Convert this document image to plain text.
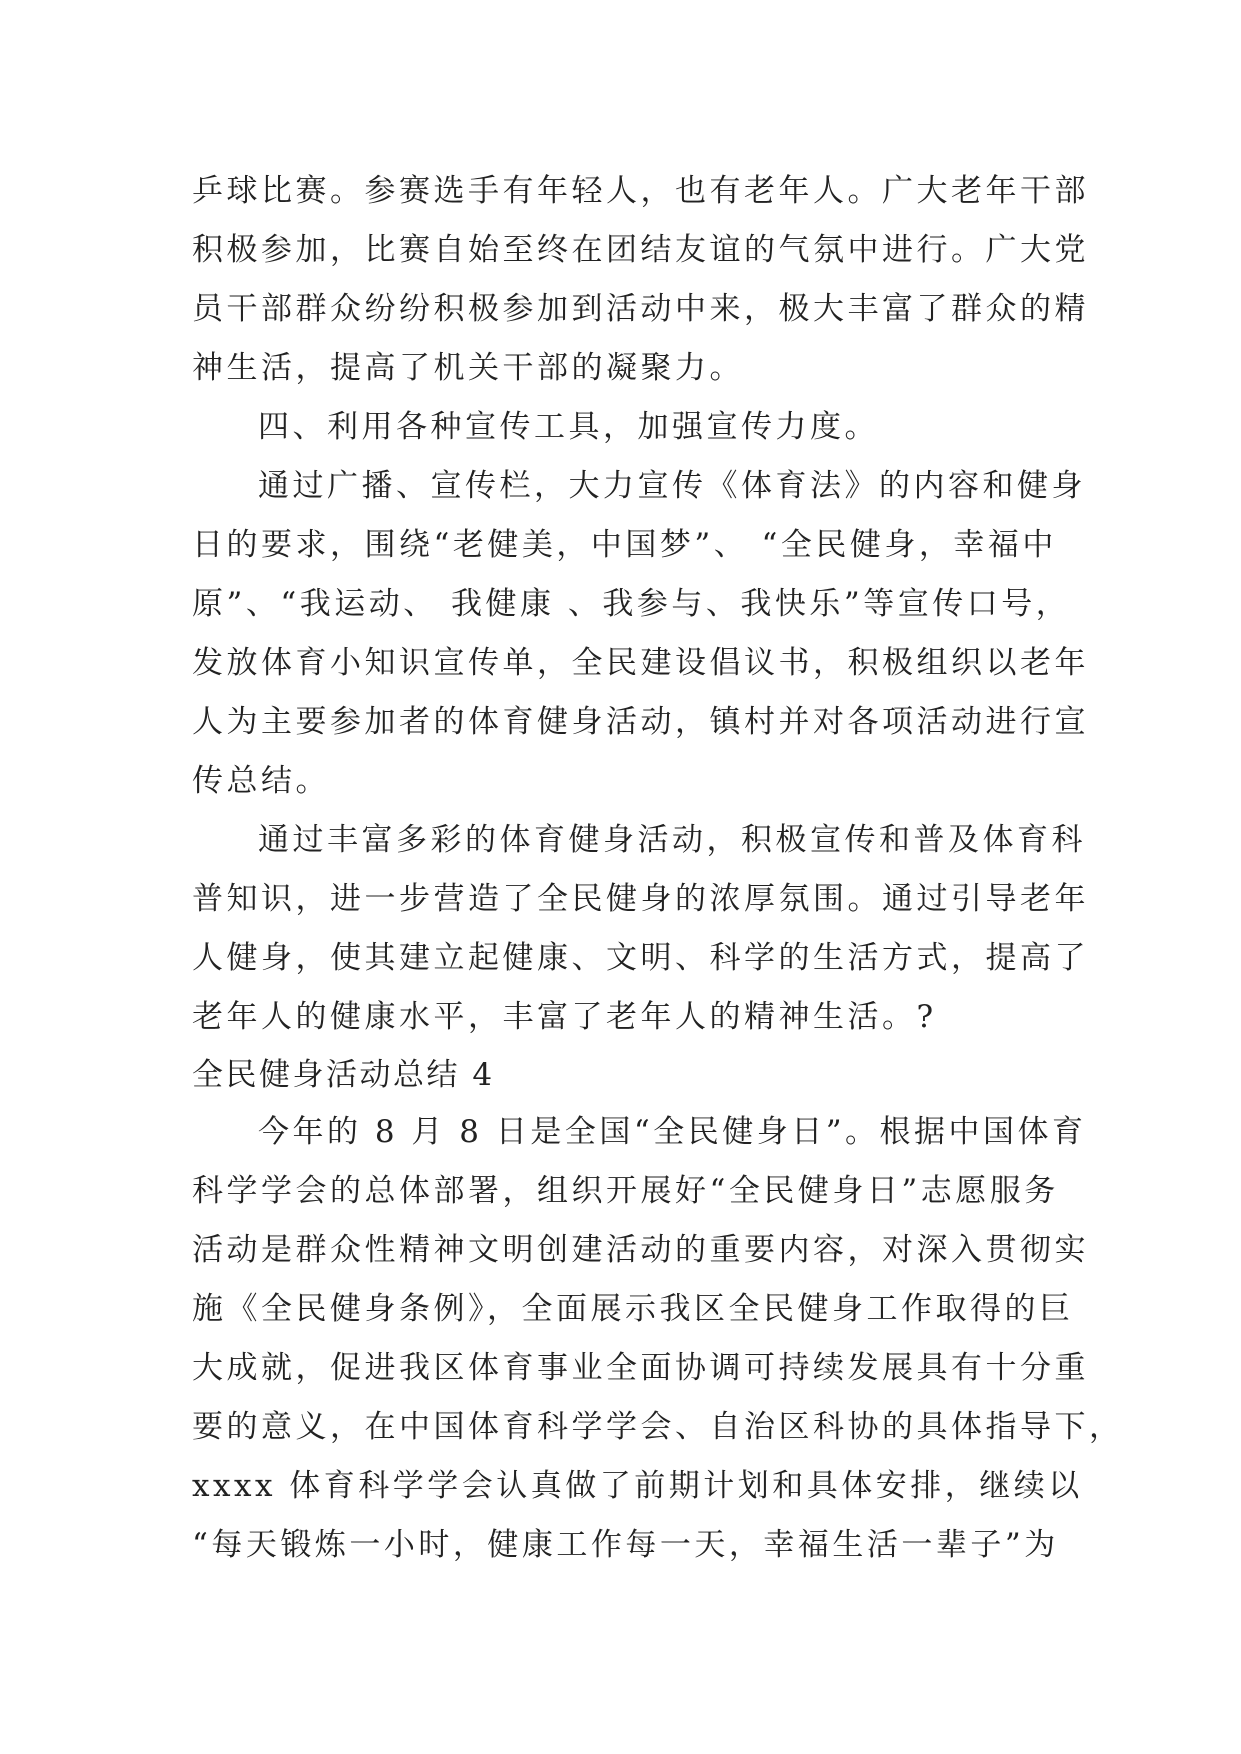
乒球比赛。参赛选手有年轻人，也有老年人。广大老年干部
积极参加，比赛自始至终在团结友谊的气氛中进行。广大党
员干部群众纷纷积极参加到活动中来，极大丰富了群众的精
神生活，提高了机关干部的凝聚力。
四、利用各种宣传工具，加强宣传力度。
通过广播、宣传栏，大力宣传《体育法》的内容和健身
日的要求，围绕“老健美，中国梦”、 “全民健身，幸福中
原”、“我运动、 我健康 、我参与、我快乐”等宣传口号，
发放体育小知识宣传单，全民建设倡议书，积极组织以老年
人为主要参加者的体育健身活动，镇村并对各项活动进行宣
传总结。
通过丰富多彩的体育健身活动，积极宣传和普及体育科
普知识，进一步营造了全民健身的浓厚氛围。通过引导老年
人健身，使其建立起健康、文明、科学的生活方式，提高了
老年人的健康水平，丰富了老年人的精神生活。?
全民健身活动总结 4
今年的 8 月 8 日是全国“全民健身日”。根据中国体育
科学学会的总体部署，组织开展好“全民健身日”志愿服务
活动是群众性精神文明创建活动的重要内容，对深入贯彻实
施《全民健身条例》，全面展示我区全民健身工作取得的巨
大成就，促进我区体育事业全面协调可持续发展具有十分重
要的意义，在中国体育科学学会、自治区科协的具体指导下，
xxxx 体育科学学会认真做了前期计划和具体安排，继续以
“每天锻炼一小时，健康工作每一天，幸福生活一辈子”为
